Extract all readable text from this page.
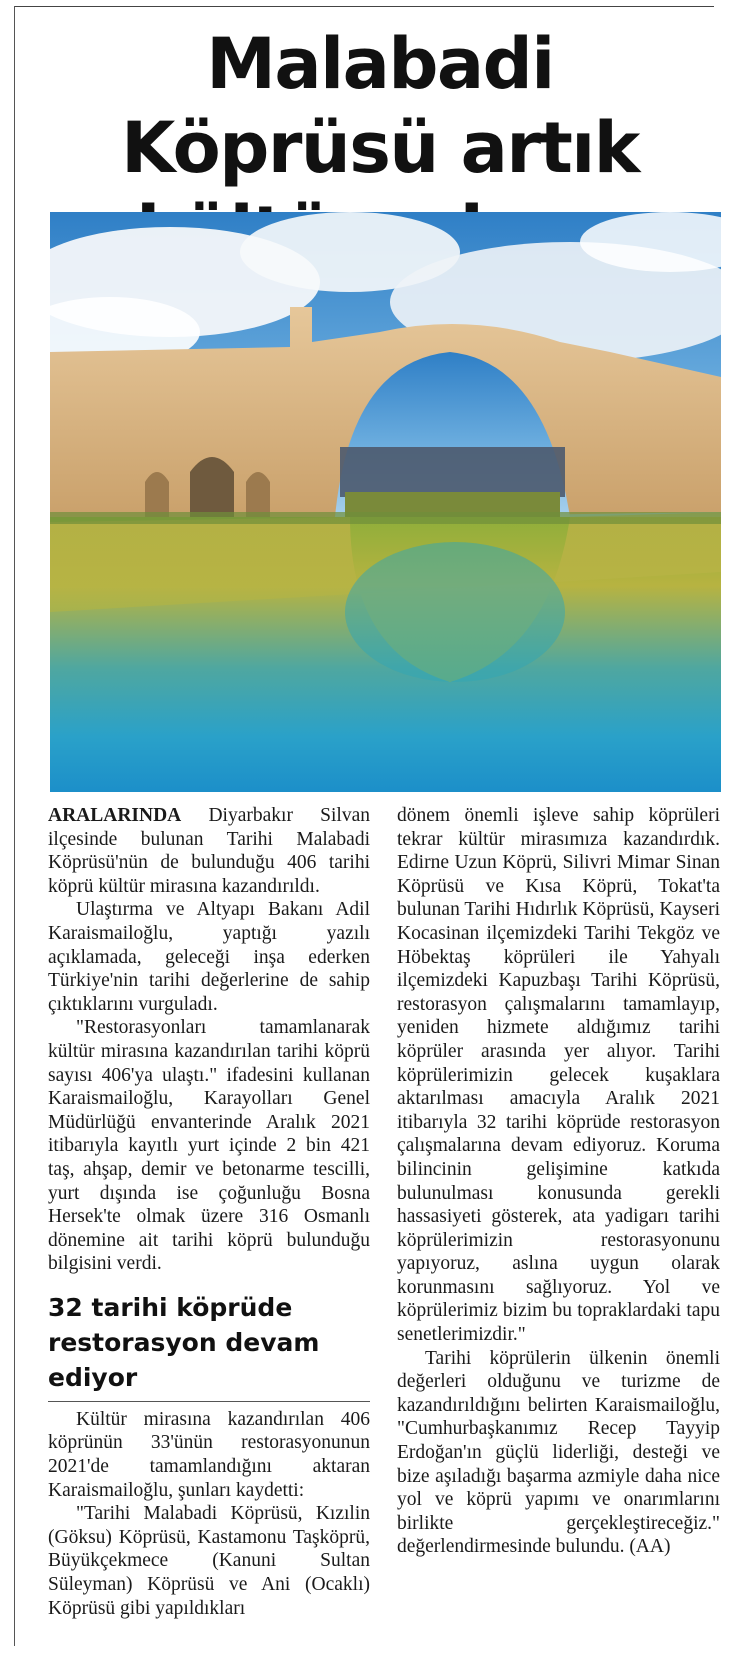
Malabadi Köprüsü artık

ARALARINDA Diyarbakır Silvan ilçesinde bulunan Tarihi Malabadi Köprüsü'nün de bulunduğu 406 tarihi köprü kültür mirasına kazandırıldı.

Ulaştırma ve Altyapı Bakanı Adil Karaismailoğlu, yaptığı yazılı açıklamada, geleceği inşa ederken Türkiye'nin tarihi değerlerine de sahip çıktıklarını vurguladı.

"Restorasyonları tamamlanarak kültür mirasına kazandırılan tarihi köprü sayısı 406'ya ulaştı." ifadesini kullanan Karaismailoğlu, Karayolları Genel Müdürlüğü envanterinde Aralık 2021 itibarıyla kayıtlı yurt içinde 2 bin 421 taş, ahşap, demir ve betonarme tescilli, yurt dışında ise çoğunluğu Bosna Hersek'te olmak üzere 316 Osmanlı dönemine ait tarihi köprü bulunduğu bilgisini verdi.

32 tarihi köprüde restorasyon devam ediyor

Kültür mirasına kazandırılan 406 köprünün 33'ünün restorasyonunun 2021'de tamamlandığını aktaran Karaismailoğlu, şunları kaydetti:

"Tarihi Malabadi Köprüsü, Kızılin (Göksu) Köprüsü, Kastamonu Taşköprü, Büyükçekmece (Kanuni Sultan Süleyman) Köprüsü ve Ani (Ocaklı) Köprüsü gibi yapıldıkları

dönem önemli işleve sahip köprüleri tekrar kültür mirasımıza kazandırdık. Edirne Uzun Köprü, Silivri Mimar Sinan Köprüsü ve Kısa Köprü, Tokat'ta bulunan Tarihi Hıdırlık Köprüsü, Kayseri Kocasinan ilçemizdeki Tarihi Tekgöz ve Höbektaş köprüleri ile Yahyalı ilçemizdeki Kapuzbaşı Tarihi Köprüsü, restorasyon çalışmalarını tamamlayıp, yeniden hizmete aldığımız tarihi köprüler arasında yer alıyor. Tarihi köprülerimizin gelecek kuşaklara aktarılması amacıyla Aralık 2021 itibarıyla 32 tarihi köprüde restorasyon çalışmalarına devam ediyoruz. Koruma bilincinin gelişimine katkıda bulunulması konusunda gerekli hassasiyeti gösterek, ata yadigarı tarihi köprülerimizin restorasyonunu yapıyoruz, aslına uygun olarak korunmasını sağlıyoruz. Yol ve köprülerimiz bizim bu topraklardaki tapu senetlerimizdir."

Tarihi köprülerin ülkenin önemli değerleri olduğunu ve turizme de kazandırıldığını belirten Karaismailoğlu, "Cumhurbaşkanımız Recep Tayyip Erdoğan'ın güçlü liderliği, desteği ve bize aşıladığı başarma azmiyle daha nice yol ve köprü yapımı ve onarımlarını birlikte gerçekleştireceğiz." değerlendirmesinde bulundu. (AA)
